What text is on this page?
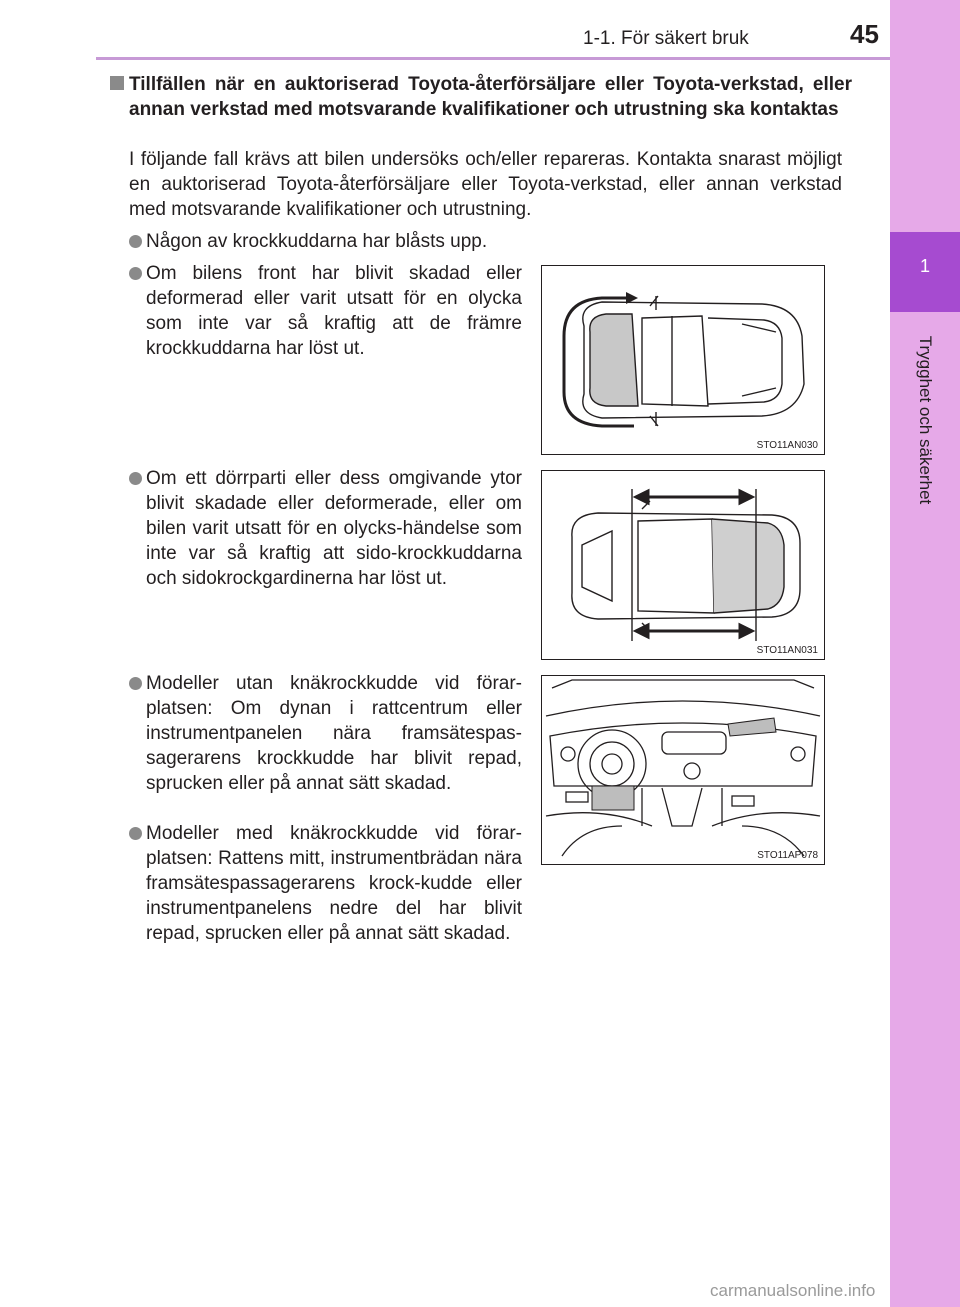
1-1. För säkert bruk	45
1
Trygghet och säkerhet
Tillfällen när en auktoriserad Toyota-återförsäljare eller Toyota-verkstad, eller annan verkstad med motsvarande kvalifikationer och utrustning ska kontaktas
I följande fall krävs att bilen undersöks och/eller repareras. Kontakta snarast möjligt en auktoriserad Toyota-återförsäljare eller Toyota-verkstad, eller annan verkstad med motsvarande kvalifikationer och utrustning.
Någon av krockkuddarna har blåsts upp.
Om bilens front har blivit skadad eller deformerad eller varit utsatt för en olycka som inte var så kraftig att de främre krockkuddarna har löst ut.
Om ett dörrparti eller dess omgivande ytor blivit skadade eller deformerade, eller om bilen varit utsatt för en olycks-händelse som inte var så kraftig att sido-krockkuddarna och sidokrockgardinerna har löst ut.
Modeller utan knäkrockkudde vid förar-platsen: Om dynan i rattcentrum eller instrumentpanelen nära framsätespas-sagerarens krockkudde har blivit repad, sprucken eller på annat sätt skadad.
Modeller med knäkrockkudde vid förar-platsen: Rattens mitt, instrumentbrädan nära framsätespassagerarens krock-kudde eller instrumentpanelens nedre del har blivit repad, sprucken eller på annat sätt skadad.
STO11AN030
STO11AN031
STO11AP078
carmanualsonline.info
